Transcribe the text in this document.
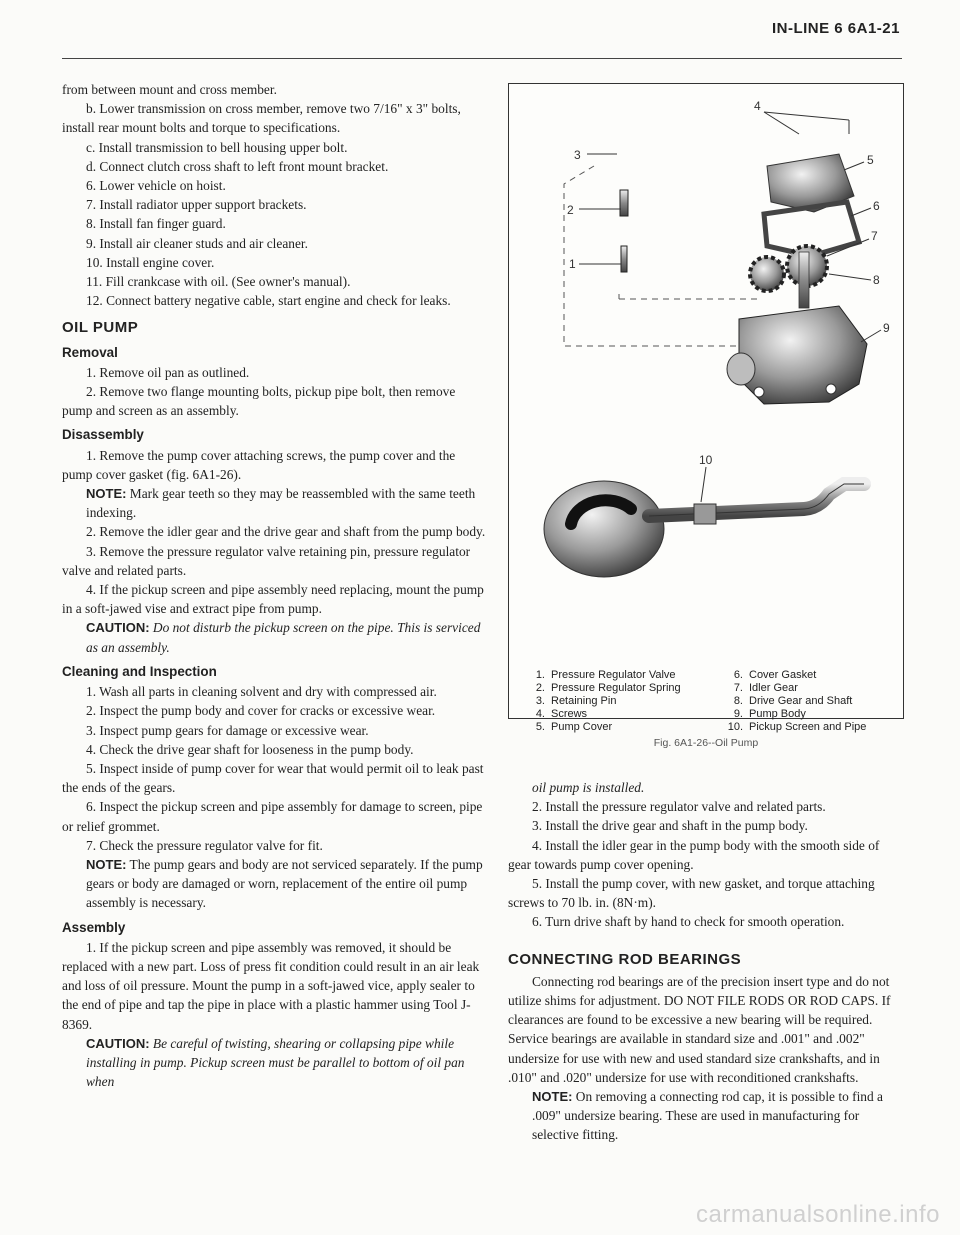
IN-LINE 6 6A1-21

from between mount and cross member.

b. Lower transmission on cross member, remove two 7/16" x 3" bolts, install rear mount bolts and torque to specifications.

c. Install transmission to bell housing upper bolt.

d. Connect clutch cross shaft to left front mount bracket.

6. Lower vehicle on hoist.

7. Install radiator upper support brackets.

8. Install fan finger guard.

9. Install air cleaner studs and air cleaner.

10. Install engine cover.

11. Fill crankcase with oil. (See owner's manual).

12. Connect battery negative cable, start engine and check for leaks.

OIL PUMP
Removal

1. Remove oil pan as outlined.

2. Remove two flange mounting bolts, pickup pipe bolt, then remove pump and screen as an assembly.

Disassembly

1. Remove the pump cover attaching screws, the pump cover and the pump cover gasket (fig. 6A1-26).

NOTE: Mark gear teeth so they may be reassembled with the same teeth indexing.

2. Remove the idler gear and the drive gear and shaft from the pump body.

3. Remove the pressure regulator valve retaining pin, pressure regulator valve and related parts.

4. If the pickup screen and pipe assembly need replacing, mount the pump in a soft-jawed vise and extract pipe from pump.

CAUTION: Do not disturb the pickup screen on the pipe. This is serviced as an assembly.

Cleaning and Inspection

1. Wash all parts in cleaning solvent and dry with compressed air.

2. Inspect the pump body and cover for cracks or excessive wear.

3. Inspect pump gears for damage or excessive wear.

4. Check the drive gear shaft for looseness in the pump body.

5. Inspect inside of pump cover for wear that would permit oil to leak past the ends of the gears.

6. Inspect the pickup screen and pipe assembly for damage to screen, pipe or relief grommet.

7. Check the pressure regulator valve for fit.

NOTE: The pump gears and body are not serviced separately. If the pump gears or body are damaged or worn, replacement of the entire oil pump assembly is necessary.

Assembly

1. If the pickup screen and pipe assembly was removed, it should be replaced with a new part. Loss of press fit condition could result in an air leak and loss of oil pressure. Mount the pump in a soft-jawed vice, apply sealer to the end of pipe and tap the pipe in place with a plastic hammer using Tool J-8369.

CAUTION: Be careful of twisting, shearing or collapsing pipe while installing in pump. Pickup screen must be parallel to bottom of oil pan when

1
2
3
4
5
6
7
8
9
10
1. Pressure Regulator Valve
2. Pressure Regulator Spring
3. Retaining Pin
4. Screws
5. Pump Cover
6. Cover Gasket
7. Idler Gear
8. Drive Gear and Shaft
9. Pump Body
10. Pickup Screen and Pipe
Fig. 6A1-26--Oil Pump

oil pump is installed.

2. Install the pressure regulator valve and related parts.

3. Install the drive gear and shaft in the pump body.

4. Install the idler gear in the pump body with the smooth side of gear towards pump cover opening.

5. Install the pump cover, with new gasket, and torque attaching screws to 70 lb. in. (8N·m).

6. Turn drive shaft by hand to check for smooth operation.

CONNECTING ROD BEARINGS

Connecting rod bearings are of the precision insert type and do not utilize shims for adjustment. DO NOT FILE RODS OR ROD CAPS. If clearances are found to be excessive a new bearing will be required. Service bearings are available in standard size and .001" and .002" undersize for use with new and used standard size crankshafts, and in .010" and .020" undersize for use with reconditioned crankshafts.

NOTE: On removing a connecting rod cap, it is possible to find a .009" undersize bearing. These are used in manufacturing for selective fitting.

carmanualsonline.info
